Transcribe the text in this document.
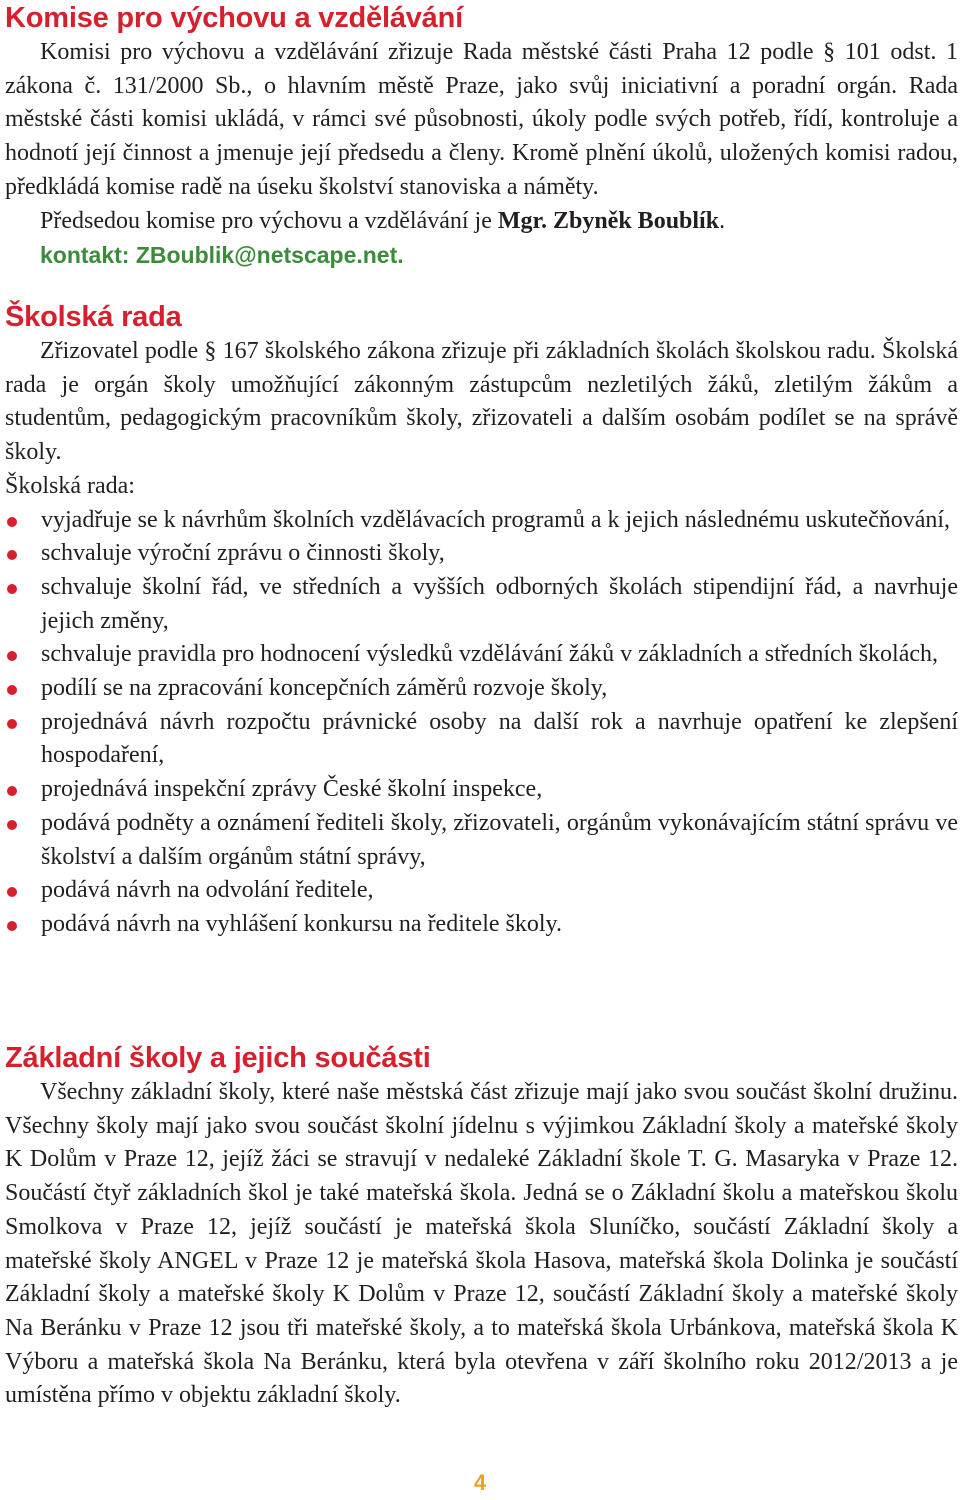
Komise pro výchovu a vzdělávání

Komisi pro výchovu a vzdělávání zřizuje Rada městské části Praha 12 podle § 101 odst. 1 zákona č. 131/2000 Sb., o hlavním městě Praze, jako svůj iniciativní a poradní orgán. Rada městské části komisi ukládá, v rámci své působnosti, úkoly podle svých potřeb, řídí, kontroluje a hodnotí její činnost a jmenuje její předsedu a členy. Kromě plnění úkolů, uložených komisi radou, předkládá komise radě na úseku školství stanoviska a náměty.

Předsedou komise pro výchovu a vzdělávání je Mgr. Zbyněk Boublík.

kontakt: ZBoublik@netscape.net.
Školská rada

Zřizovatel podle § 167 školského zákona zřizuje při základních školách školskou radu. Školská rada je orgán školy umožňující zákonným zástupcům nezletilých žáků, zletilým žákům a studentům, pedagogickým pracovníkům školy, zřizovateli a dalším osobám podílet se na správě školy.

Školská rada:

vyjadřuje se k návrhům školních vzdělávacích programů a k jejich následnému uskutečňování,
schvaluje výroční zprávu o činnosti školy,
schvaluje školní řád, ve středních a vyšších odborných školách stipendijní řád, a navrhuje jejich změny,
schvaluje pravidla pro hodnocení výsledků vzdělávání žáků v základních a středních školách,
podílí se na zpracování koncepčních záměrů rozvoje školy,
projednává návrh rozpočtu právnické osoby na další rok a navrhuje opatření ke zlepšení hospodaření,
projednává inspekční zprávy České školní inspekce,
podává podněty a oznámení řediteli školy, zřizovateli, orgánům vykonávajícím státní správu ve školství a dalším orgánům státní správy,
podává návrh na odvolání ředitele,
podává návrh na vyhlášení konkursu na ředitele školy.
Základní školy a jejich součásti

Všechny základní školy, které naše městská část zřizuje mají jako svou součást školní družinu. Všechny školy mají jako svou součást školní jídelnu s výjimkou Základní školy a mateřské školy K Dolům v Praze 12, jejíž žáci se stravují v nedaleké Základní škole T. G. Masaryka v Praze 12. Součástí čtyř základních škol je také mateřská škola. Jedná se o Základní školu a mateřskou školu Smolkova v Praze 12, jejíž součástí je mateřská škola Sluníčko, součástí Základní školy a mateřské školy ANGEL v Praze 12 je mateřská škola Hasova, mateřská škola Dolinka je součástí Základní školy a mateřské školy K Dolům v Praze 12, součástí Základní školy a mateřské školy Na Beránku v Praze 12 jsou tři mateřské školy, a to mateřská škola Urbánkova, mateřská škola K Výboru a mateřská škola Na Beránku, která byla otevřena v září školního roku 2012/2013 a je umístěna přímo v objektu základní školy.

4
